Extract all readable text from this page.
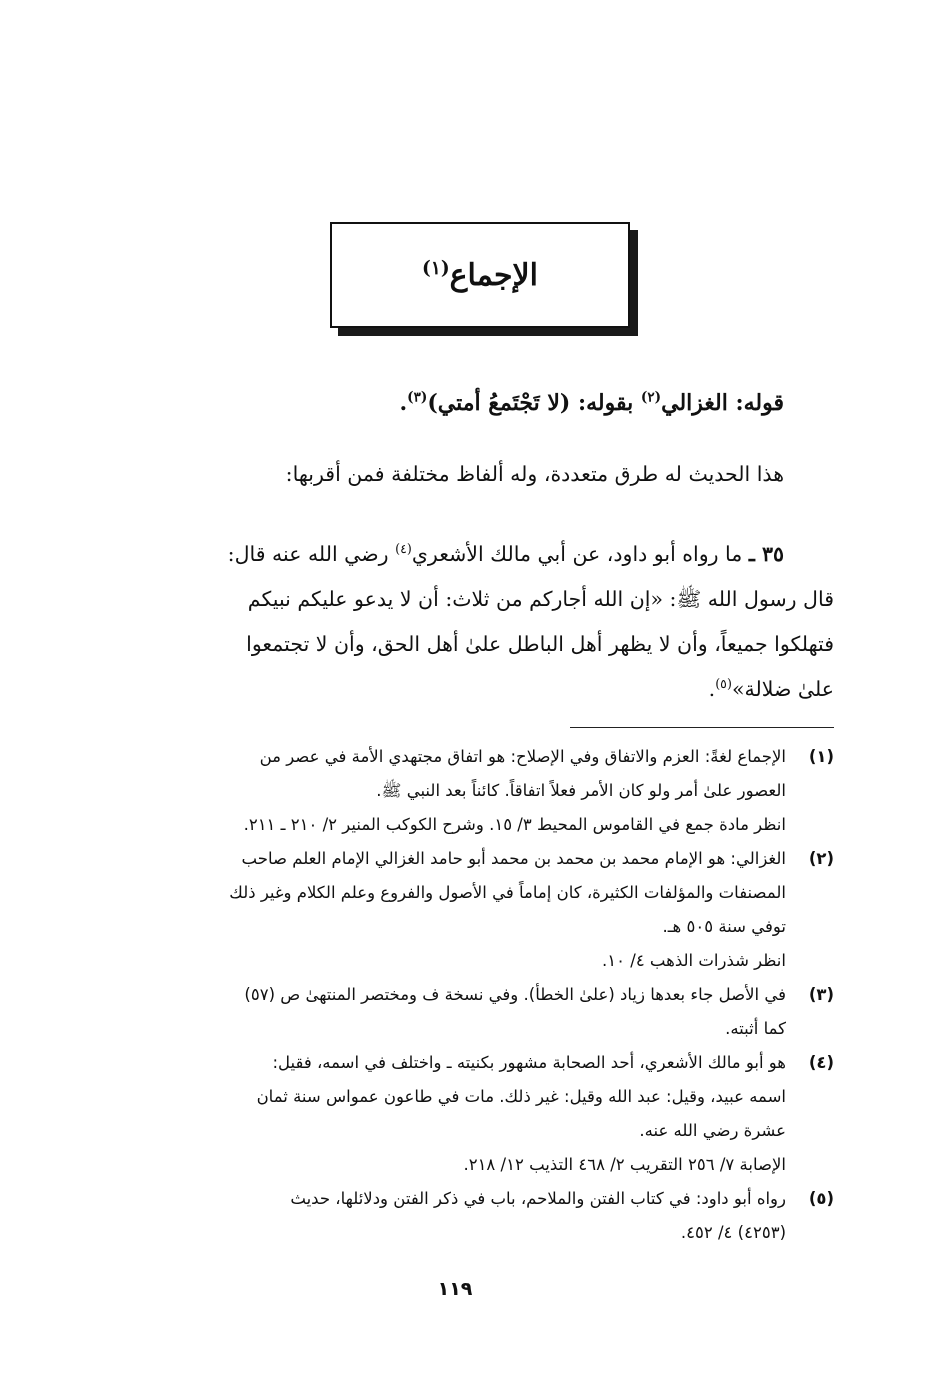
الإجماع$^{(١)}$
قوله: الغزالي$^{(٢)}$ بقوله: (لا تَجْتَمعُ أمتي)$^{(٣)}$.
هذا الحديث له طرق متعددة، وله ألفاظ مختلفة فمن أقربها:

٣٥ ـ ما رواه أبو داود، عن أبي مالك الأشعري$^{(٤)}$ رضي الله عنه قال:

قال رسول الله ﷺ: «إن الله أجاركم من ثلاث: أن لا يدعو عليكم نبيكم

فتهلكوا جميعاً، وأن لا يظهر أهل الباطل علىٰ أهل الحق، وأن لا تجتمعوا

علىٰ ضلالة»$^{(٥)}$.

(١)
الإجماع لغةً: العزم والاتفاق وفي الإصلاح: هو اتفاق مجتهدي الأمة في عصر من
العصور علىٰ أمر ولو كان الأمر فعلاً اتفاقاً. كائناً بعد النبي ﷺ.
انظر مادة جمع في القاموس المحيط ٣/ ١٥. وشرح الكوكب المنير ٢/ ٢١٠ ـ ٢١١.
(٢)
الغزالي: هو الإمام محمد بن محمد بن محمد أبو حامد الغزالي الإمام العلم صاحب
المصنفات والمؤلفات الكثيرة، كان إماماً في الأصول والفروع وعلم الكلام وغير ذلك
توفي سنة ٥٠٥ هـ.
انظر شذرات الذهب ٤/ ١٠.
(٣)
في الأصل جاء بعدها زياد (علىٰ الخطأ). وفي نسخة ف ومختصر المنتهىٰ ص (٥٧)
كما أثبته.
(٤)
هو أبو مالك الأشعري، أحد الصحابة مشهور بكنيته ـ واختلف في اسمه، فقيل:
اسمه عبيد، وقيل: عبد الله وقيل: غير ذلك. مات في طاعون عمواس سنة ثمان
عشرة رضي الله عنه.
الإصابة ٧/ ٢٥٦ التقريب ٢/ ٤٦٨ التذيب ١٢/ ٢١٨.
(٥)
رواه أبو داود: في كتاب الفتن والملاحم، باب في ذكر الفتن ودلائلها، حديث
(٤٢٥٣) ٤/ ٤٥٢.
١١٩
